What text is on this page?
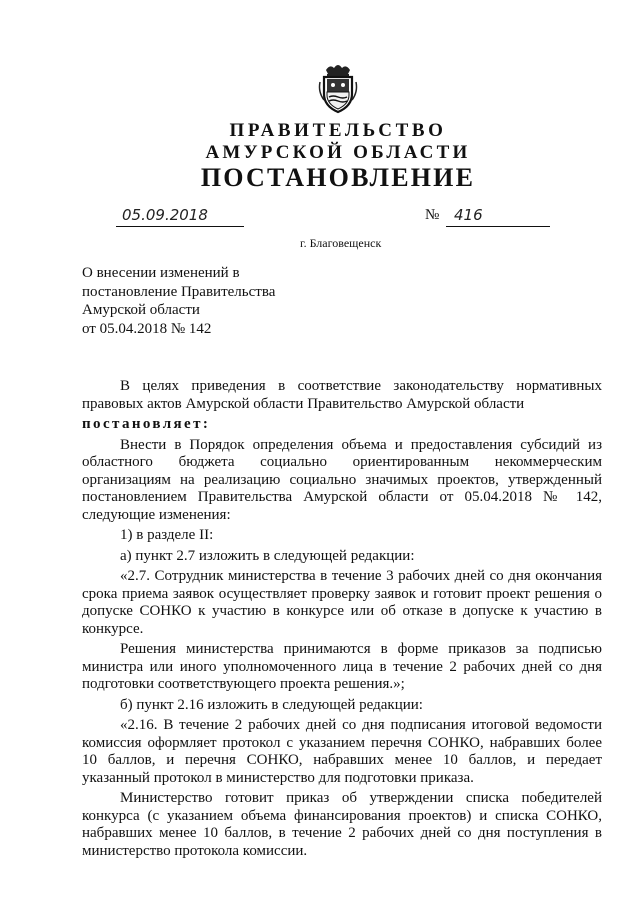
ПРАВИТЕЛЬСТВО
АМУРСКОЙ ОБЛАСТИ
ПОСТАНОВЛЕНИЕ
05.09.2018	№ 416
г. Благовещенск
О внесении изменений в
постановление Правительства
Амурской области
от 05.04.2018 № 142
В целях приведения в соответствие законодательству нормативных правовых актов Амурской области Правительство Амурской области
постановляет:
Внести в Порядок определения объема и предоставления субсидий из областного бюджета социально ориентированным некоммерческим организациям на реализацию социально значимых проектов, утвержденный постановлением Правительства Амурской области от 05.04.2018 № 142, следующие изменения:
1) в разделе II:
а) пункт 2.7 изложить в следующей редакции:
«2.7. Сотрудник министерства в течение 3 рабочих дней со дня окончания срока приема заявок осуществляет проверку заявок и готовит проект решения о допуске СОНКО к участию в конкурсе или об отказе в допуске к участию в конкурсе.
Решения министерства принимаются в форме приказов за подписью министра или иного уполномоченного лица в течение 2 рабочих дней со дня подготовки соответствующего проекта решения.»;
б) пункт 2.16 изложить в следующей редакции:
«2.16. В течение 2 рабочих дней со дня подписания итоговой ведомости комиссия оформляет протокол с указанием перечня СОНКО, набравших более 10 баллов, и перечня СОНКО, набравших менее 10 баллов, и передает указанный протокол в министерство для подготовки приказа.
Министерство готовит приказ об утверждении списка победителей конкурса (с указанием объема финансирования проектов) и списка СОНКО, набравших менее 10 баллов, в течение 2 рабочих дней со дня поступления в министерство протокола комиссии.
